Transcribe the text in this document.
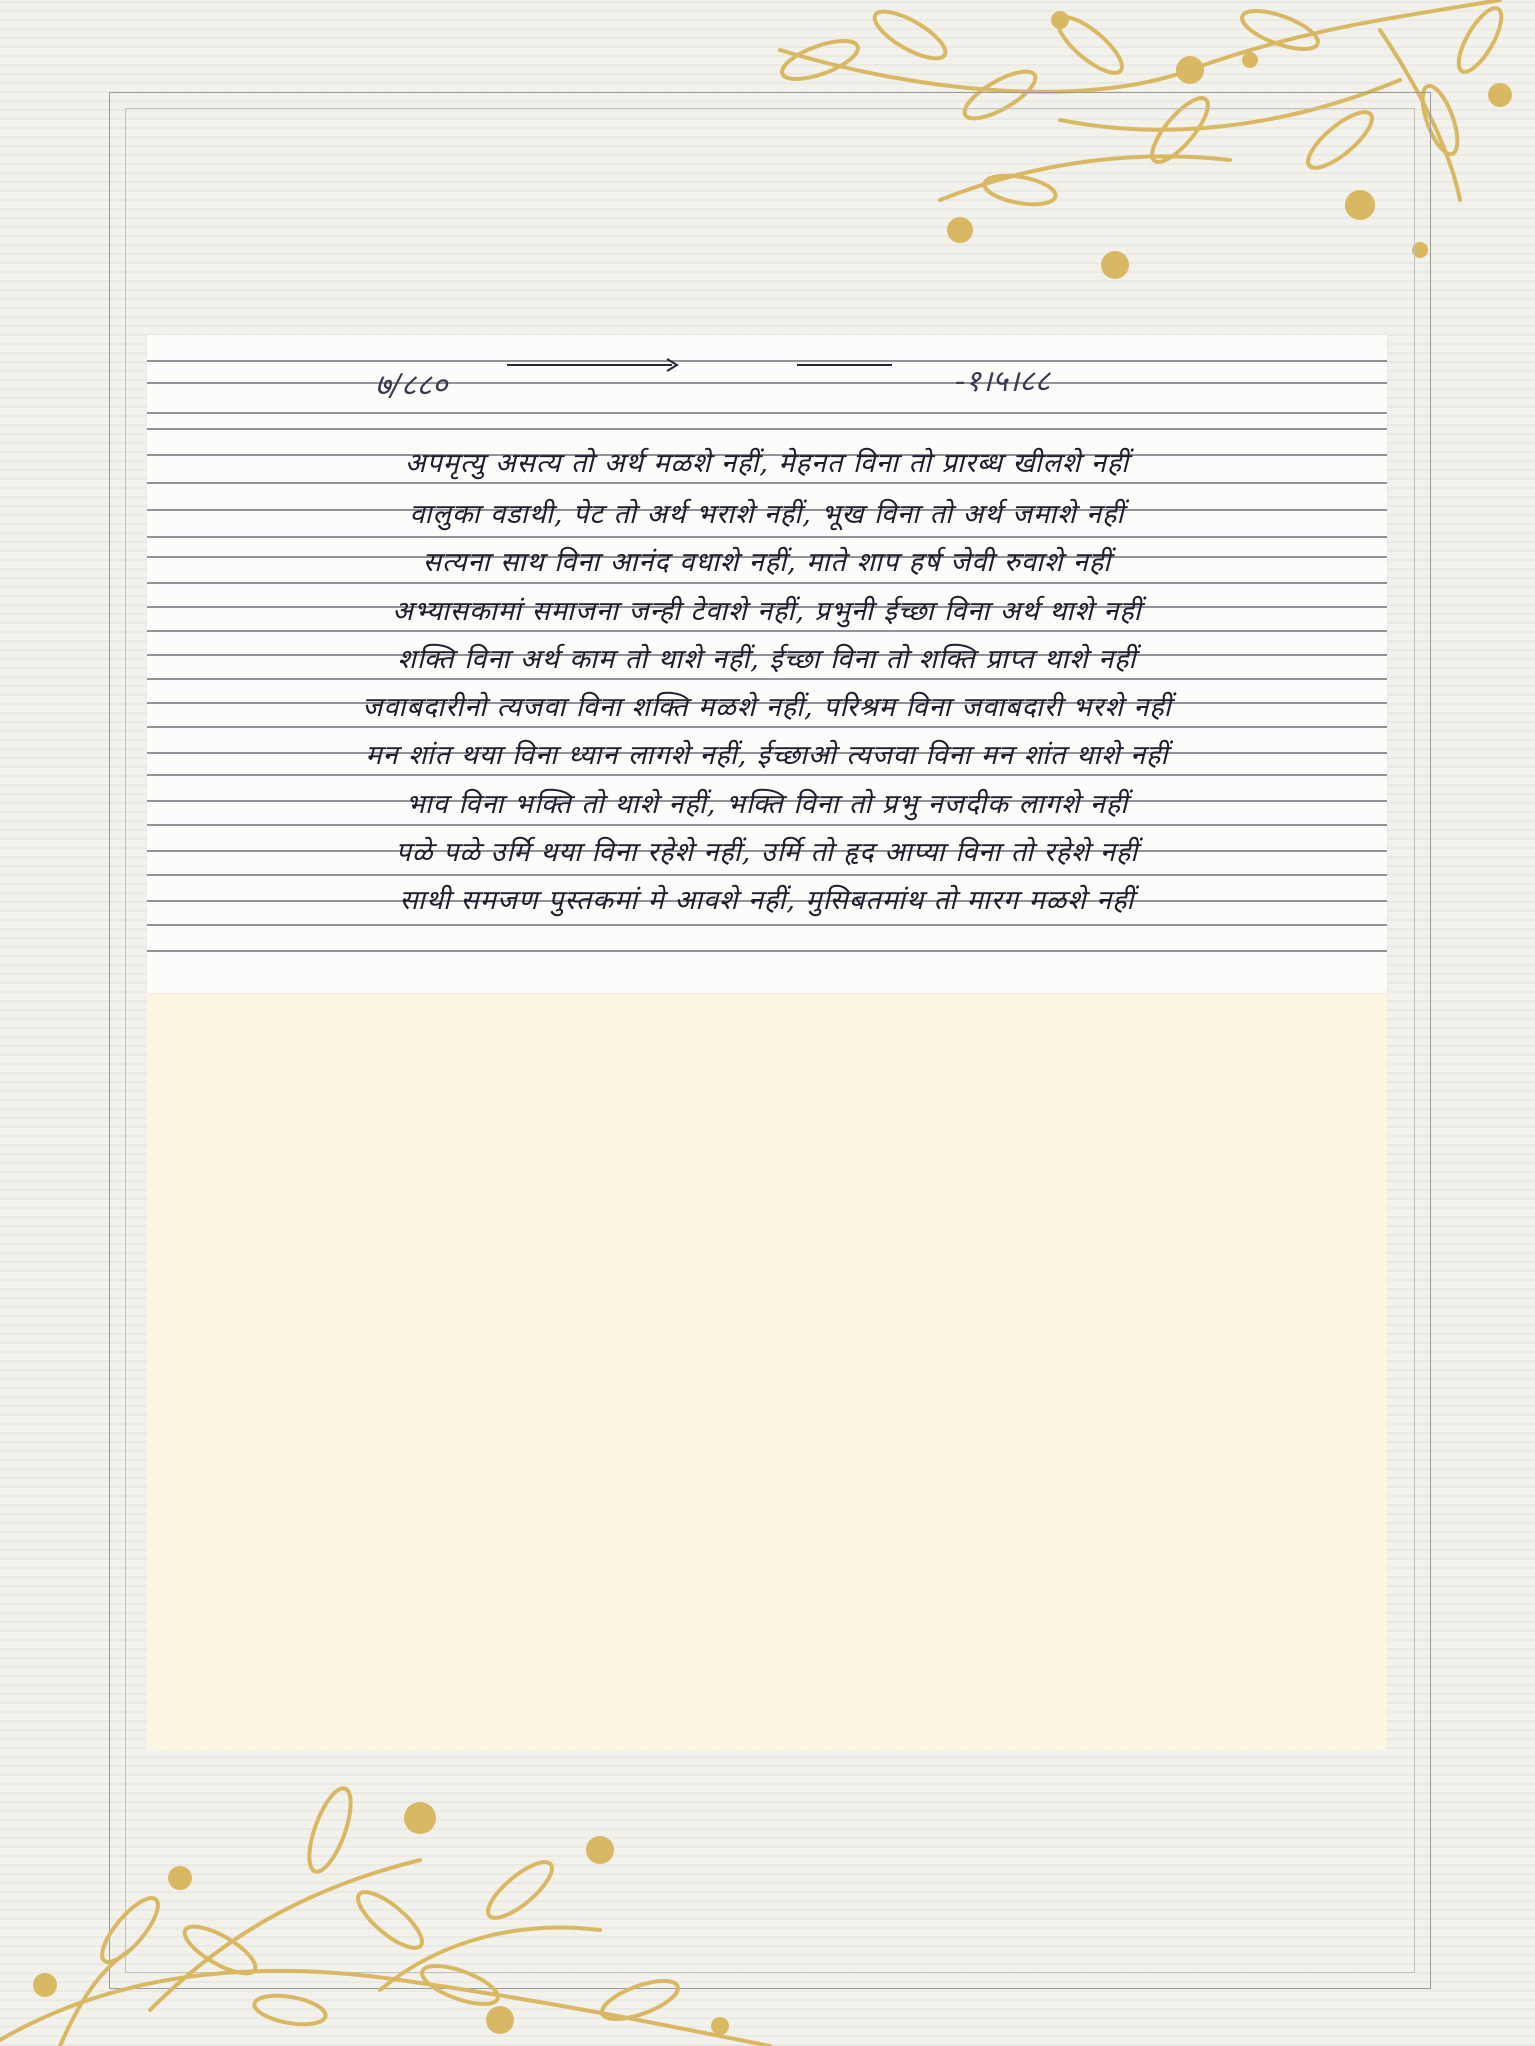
७/८८०	-१।५।८८
अपमृत्यु असत्य तो अर्थ मळशे नहीं, मेहनत विना तो प्रारब्ध खीलशे नहीं
वालुका वडाथी, पेट तो अर्थ भराशे नहीं, भूख विना तो अर्थ जमाशे नहीं
सत्यना साथ विना आनंद वधाशे नहीं, माते शाप हर्ष जेवी रुवाशे नहीं
अभ्यासकामां समाजना जन्ही टेवाशे नहीं, प्रभुनी ईच्छा विना अर्थ थाशे नहीं
शक्ति विना अर्थ काम तो थाशे नहीं, ईच्छा विना तो शक्ति प्राप्त थाशे नहीं
जवाबदारीनो त्यजवा विना शक्ति मळशे नहीं, परिश्रम विना जवाबदारी भरशे नहीं
मन शांत थया विना ध्यान लागशे नहीं, ईच्छाओ त्यजवा विना मन शांत थाशे नहीं
भाव विना भक्ति तो थाशे नहीं, भक्ति विना तो प्रभु नजदीक लागशे नहीं
पळे पळे उर्मि थया विना रहेशे नहीं, उर्मि तो हृद आप्या विना तो रहेशे नहीं
साथी समजण पुस्तकमां मे आवशे नहीं, मुसिबतमांथ तो मारग मळशे नहीं
